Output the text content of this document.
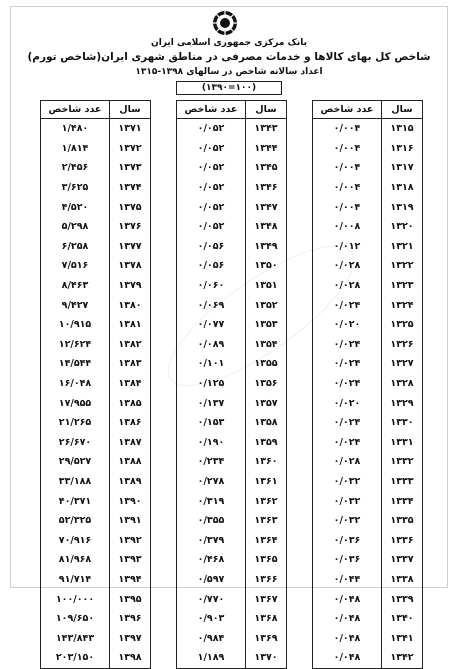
بانک مرکزی جمهوری اسلامی ایران
شاخص کل بهای کالاها و خدمات مصرفی در مناطق شهری ایران(شاخص تورم)
اعداد سالانه شاخص در سالهای ۱۳۹۸-۱۳۱۵
(۱۰۰=۱۳۹۰)
سال	عدد شاخص
۱۳۱۵	۰/۰۰۴
۱۳۱۶	۰/۰۰۴
۱۳۱۷	۰/۰۰۴
۱۳۱۸	۰/۰۰۴
۱۳۱۹	۰/۰۰۴
۱۳۲۰	۰/۰۰۸
۱۳۲۱	۰/۰۱۲
۱۳۲۲	۰/۰۲۸
۱۳۲۳	۰/۰۲۸
۱۳۲۴	۰/۰۲۴
۱۳۲۵	۰/۰۲۰
۱۳۲۶	۰/۰۲۴
۱۳۲۷	۰/۰۲۴
۱۳۲۸	۰/۰۲۴
۱۳۲۹	۰/۰۲۰
۱۳۳۰	۰/۰۲۴
۱۳۳۱	۰/۰۲۴
۱۳۳۲	۰/۰۲۸
۱۳۳۳	۰/۰۳۲
۱۳۳۴	۰/۰۳۲
۱۳۳۵	۰/۰۳۲
۱۳۳۶	۰/۰۳۶
۱۳۳۷	۰/۰۳۶
۱۳۳۸	۰/۰۴۴
۱۳۳۹	۰/۰۴۸
۱۳۴۰	۰/۰۴۸
۱۳۴۱	۰/۰۴۸
۱۳۴۲	۰/۰۴۸
سال	عدد شاخص
۱۳۴۳	۰/۰۵۲
۱۳۴۴	۰/۰۵۲
۱۳۴۵	۰/۰۵۲
۱۳۴۶	۰/۰۵۲
۱۳۴۷	۰/۰۵۲
۱۳۴۸	۰/۰۵۲
۱۳۴۹	۰/۰۵۶
۱۳۵۰	۰/۰۵۶
۱۳۵۱	۰/۰۶۰
۱۳۵۲	۰/۰۶۹
۱۳۵۳	۰/۰۷۷
۱۳۵۴	۰/۰۸۹
۱۳۵۵	۰/۱۰۱
۱۳۵۶	۰/۱۲۵
۱۳۵۷	۰/۱۳۷
۱۳۵۸	۰/۱۵۳
۱۳۵۹	۰/۱۹۰
۱۳۶۰	۰/۲۳۴
۱۳۶۱	۰/۲۷۸
۱۳۶۲	۰/۳۱۹
۱۳۶۳	۰/۳۵۵
۱۳۶۴	۰/۳۷۹
۱۳۶۵	۰/۴۶۸
۱۳۶۶	۰/۵۹۷
۱۳۶۷	۰/۷۷۰
۱۳۶۸	۰/۹۰۳
۱۳۶۹	۰/۹۸۴
۱۳۷۰	۱/۱۸۹
سال	عدد شاخص
۱۳۷۱	۱/۴۸۰
۱۳۷۲	۱/۸۱۴
۱۳۷۳	۲/۴۵۶
۱۳۷۴	۳/۶۲۵
۱۳۷۵	۴/۵۲۰
۱۳۷۶	۵/۲۹۸
۱۳۷۷	۶/۲۵۸
۱۳۷۸	۷/۵۱۶
۱۳۷۹	۸/۴۶۳
۱۳۸۰	۹/۴۲۷
۱۳۸۱	۱۰/۹۱۵
۱۳۸۲	۱۲/۶۲۴
۱۳۸۳	۱۴/۵۴۴
۱۳۸۴	۱۶/۰۴۸
۱۳۸۵	۱۷/۹۵۵
۱۳۸۶	۲۱/۲۶۵
۱۳۸۷	۲۶/۶۷۰
۱۳۸۸	۲۹/۵۲۷
۱۳۸۹	۳۳/۱۸۸
۱۳۹۰	۴۰/۳۷۱
۱۳۹۱	۵۲/۳۲۵
۱۳۹۲	۷۰/۹۱۶
۱۳۹۳	۸۱/۹۶۸
۱۳۹۴	۹۱/۷۱۴
۱۳۹۵	۱۰۰/۰۰۰
۱۳۹۶	۱۰۹/۶۵۰
۱۳۹۷	۱۴۳/۸۴۳
۱۳۹۸	۲۰۳/۱۵۰
